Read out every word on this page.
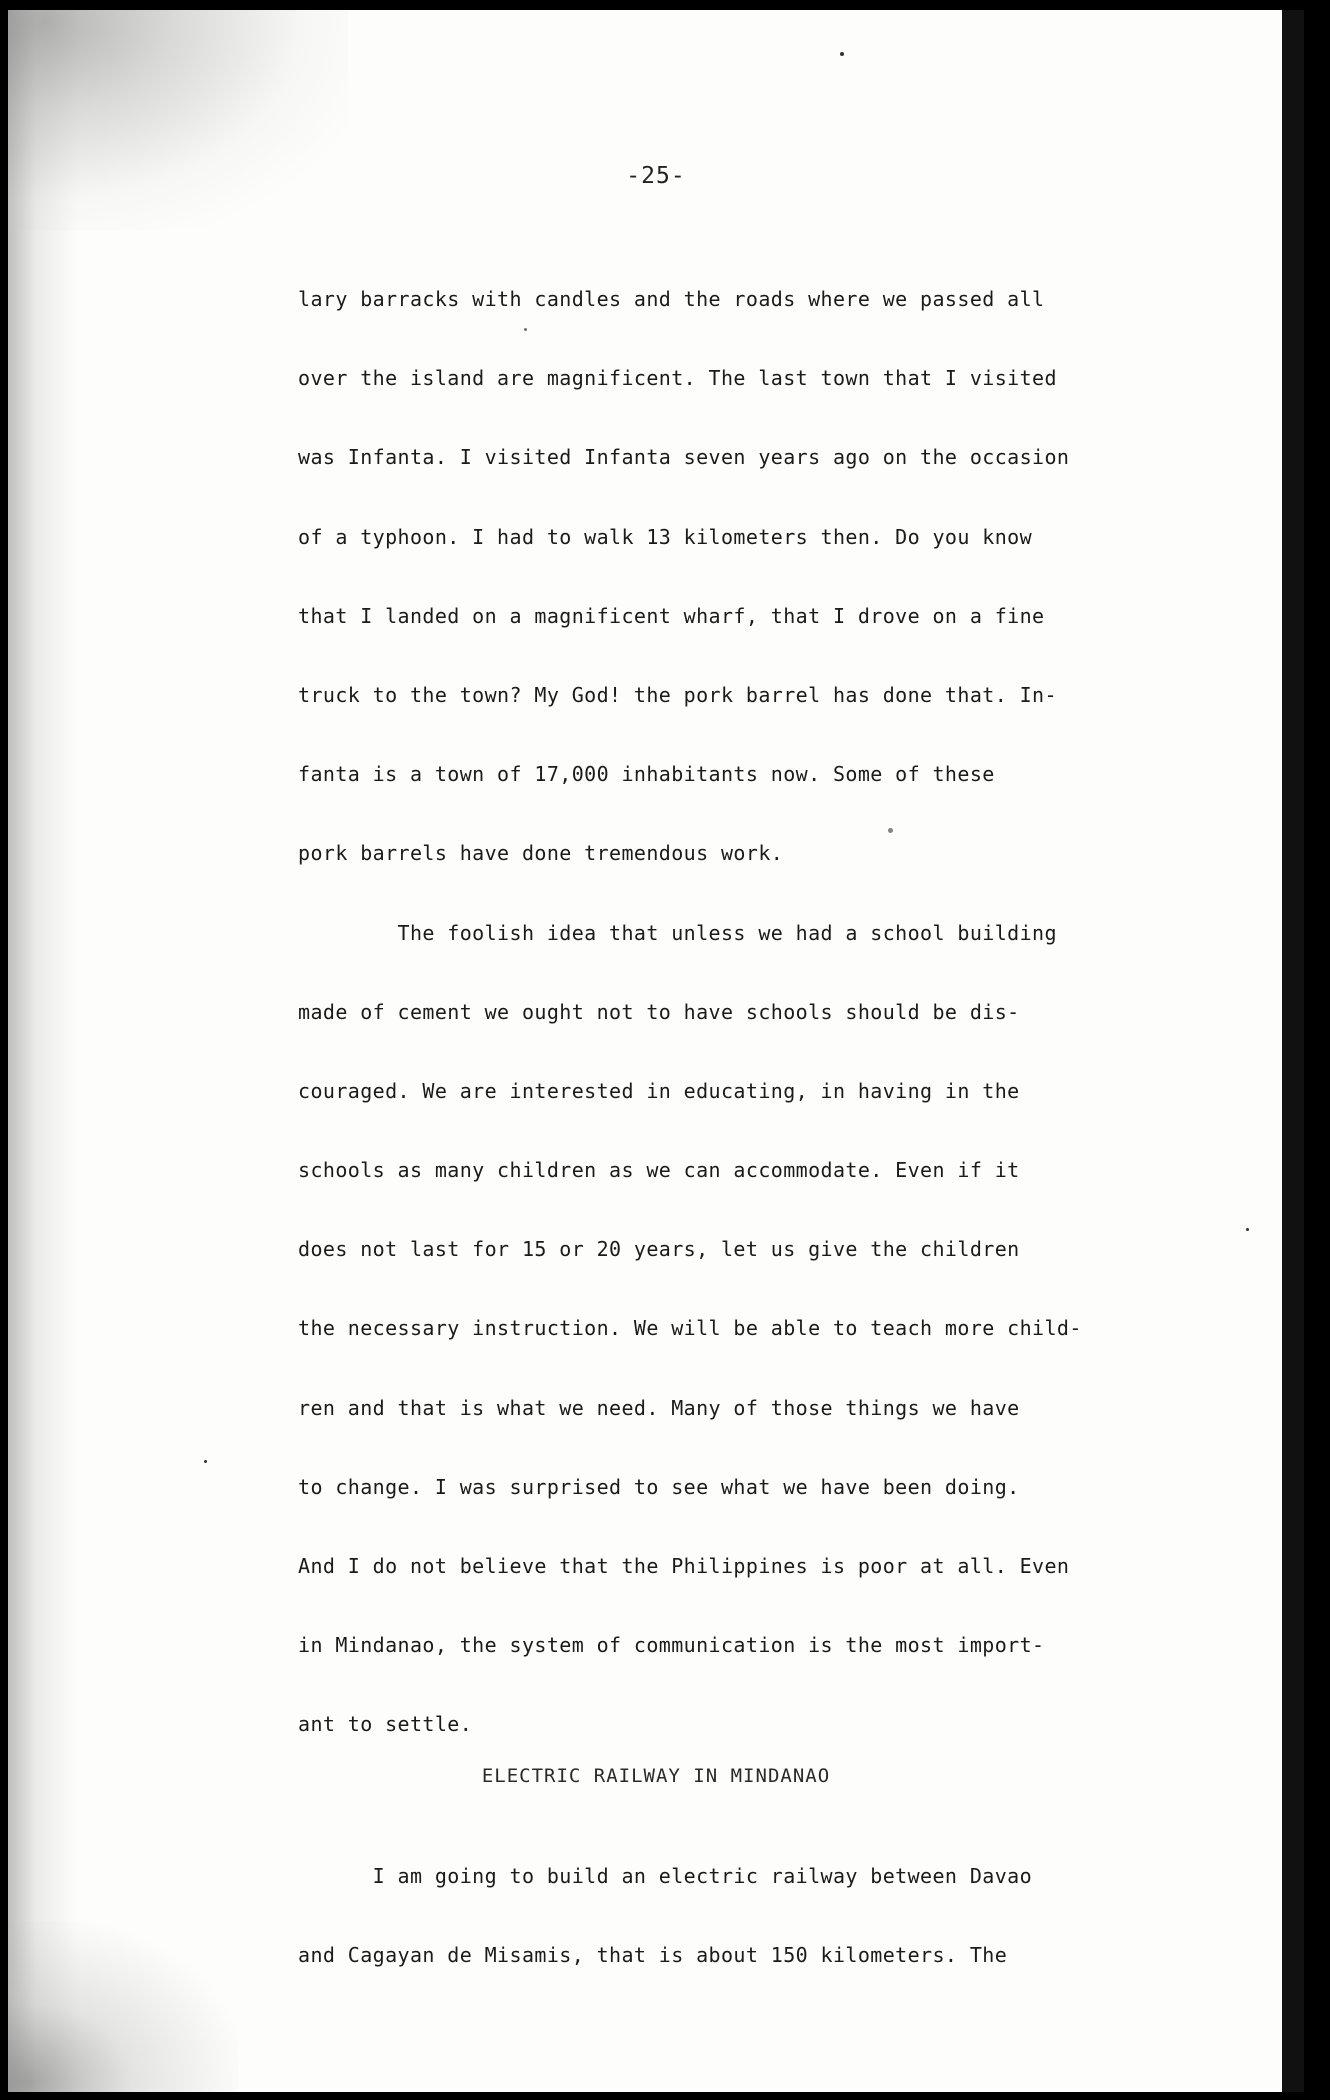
-25-
lary barracks with candles and the roads where we passed all
over the island are magnificent. The last town that I visited
was Infanta. I visited Infanta seven years ago on the occasion
of a typhoon. I had to walk 13 kilometers then. Do you know
that I landed on a magnificent wharf, that I drove on a fine
truck to the town? My God! the pork barrel has done that. In-
fanta is a town of 17,000 inhabitants now. Some of these
pork barrels have done tremendous work.
The foolish idea that unless we had a school building
made of cement we ought not to have schools should be dis-
couraged. We are interested in educating, in having in the
schools as many children as we can accommodate. Even if it
does not last for 15 or 20 years, let us give the children
the necessary instruction. We will be able to teach more child-
ren and that is what we need. Many of those things we have
to change. I was surprised to see what we have been doing.
And I do not believe that the Philippines is poor at all. Even
in Mindanao, the system of communication is the most import-
ant to settle.
ELECTRIC RAILWAY IN MINDANAO
I am going to build an electric railway between Davao
and Cagayan de Misamis, that is about 150 kilometers. The
